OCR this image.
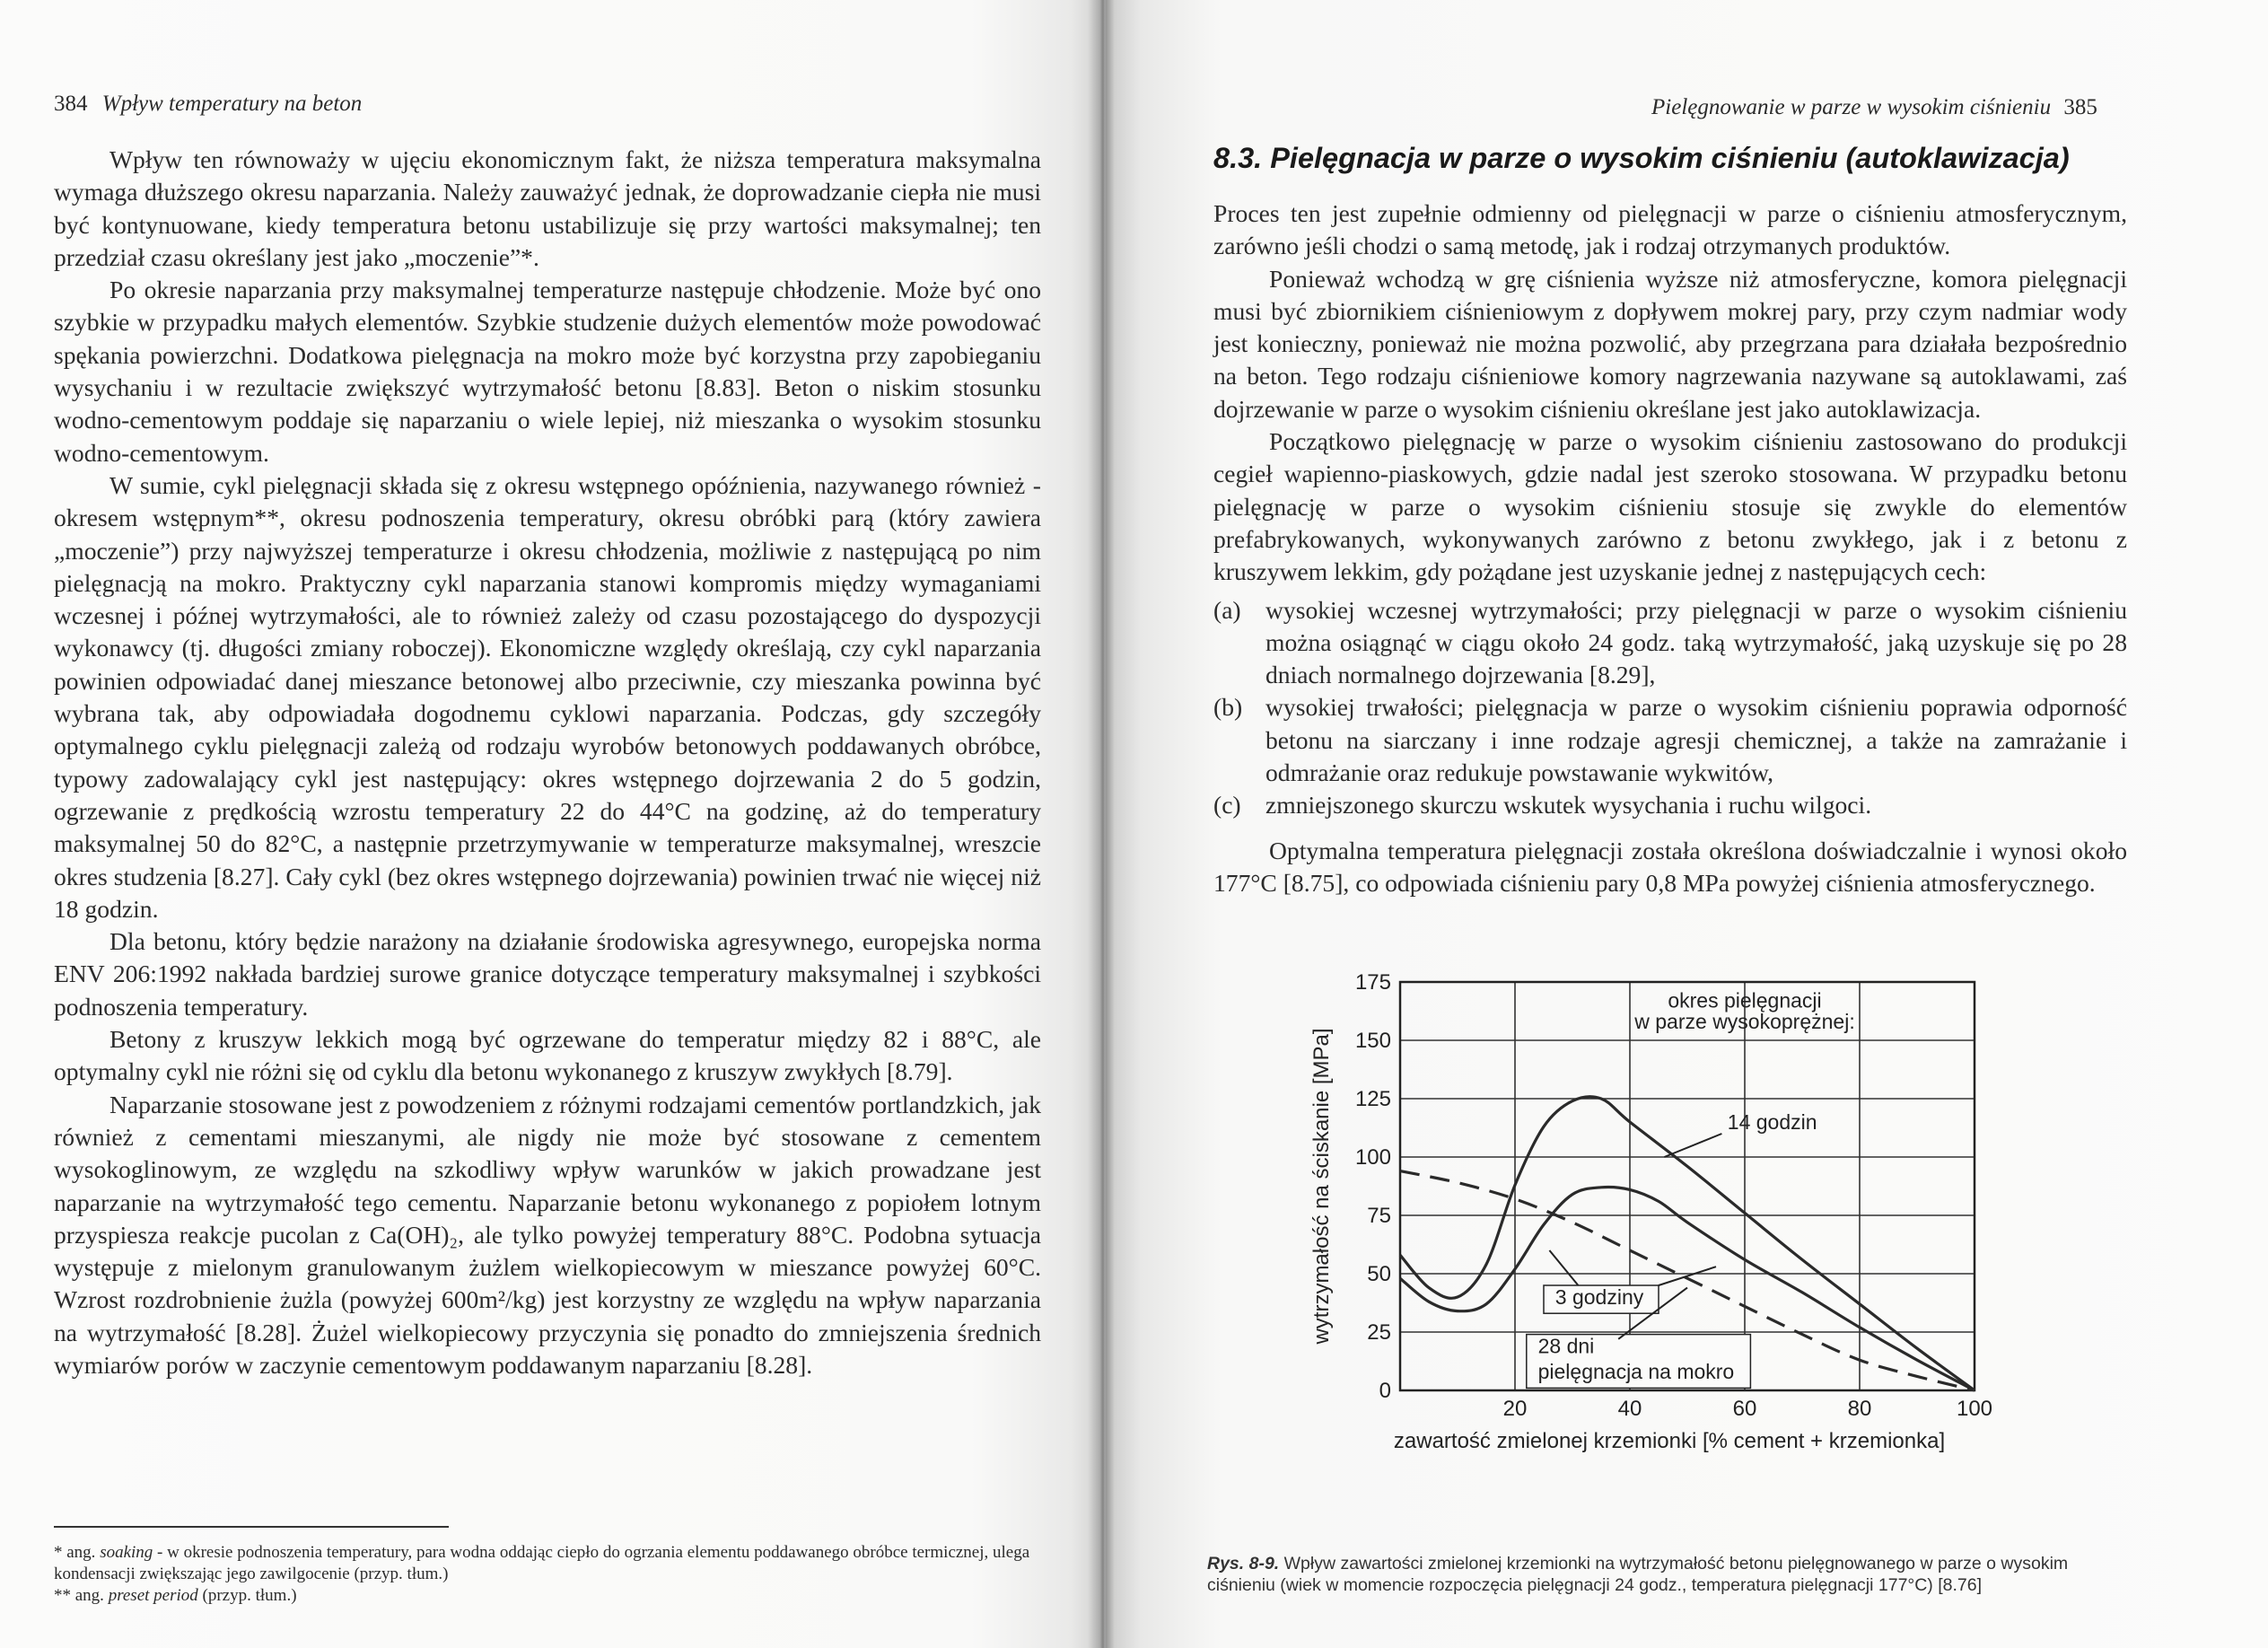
384 Wpływ temperatury na beton

Wpływ ten równoważy w ujęciu ekonomicznym fakt, że niższa temperatura maksymalna wymaga dłuższego okresu naparzania. Należy zauważyć jednak, że doprowadzanie ciepła nie musi być kontynuowane, kiedy temperatura betonu ustabilizuje się przy wartości maksymalnej; ten przedział czasu określany jest jako „moczenie”*.

Po okresie naparzania przy maksymalnej temperaturze następuje chłodzenie. Może być ono szybkie w przypadku małych elementów. Szybkie studzenie dużych elementów może powodować spękania powierzchni. Dodatkowa pielęgnacja na mokro może być korzystna przy zapobieganiu wysychaniu i w rezultacie zwiększyć wytrzymałość betonu [8.83]. Beton o niskim stosunku wodno-cementowym poddaje się naparzaniu o wiele lepiej, niż mieszanka o wysokim stosunku wodno-cementowym.

W sumie, cykl pielęgnacji składa się z okresu wstępnego opóźnienia, nazywanego również - okresem wstępnym**, okresu podnoszenia temperatury, okresu obróbki parą (który zawiera „moczenie”) przy najwyższej temperaturze i okresu chłodzenia, możliwie z następującą po nim pielęgnacją na mokro. Praktyczny cykl naparzania stanowi kompromis między wymaganiami wczesnej i późnej wytrzymałości, ale to również zależy od czasu pozostającego do dyspozycji wykonawcy (tj. długości zmiany roboczej). Ekonomiczne względy określają, czy cykl naparzania powinien odpowiadać danej mieszance betonowej albo przeciwnie, czy mieszanka powinna być wybrana tak, aby odpowiadała dogodnemu cyklowi naparzania. Podczas, gdy szczegóły optymalnego cyklu pielęgnacji zależą od rodzaju wyrobów betonowych poddawanych obróbce, typowy zadowalający cykl jest następujący: okres wstępnego dojrzewania 2 do 5 godzin, ogrzewanie z prędkością wzrostu temperatury 22 do 44°C na godzinę, aż do temperatury maksymalnej 50 do 82°C, a następnie przetrzymywanie w temperaturze maksymalnej, wreszcie okres studzenia [8.27]. Cały cykl (bez okres wstępnego dojrzewania) powinien trwać nie więcej niż 18 godzin.

Dla betonu, który będzie narażony na działanie środowiska agresywnego, europejska norma ENV 206:1992 nakłada bardziej surowe granice dotyczące temperatury maksymalnej i szybkości podnoszenia temperatury.

Betony z kruszyw lekkich mogą być ogrzewane do temperatur między 82 i 88°C, ale optymalny cykl nie różni się od cyklu dla betonu wykonanego z kruszyw zwykłych [8.79].

Naparzanie stosowane jest z powodzeniem z różnymi rodzajami cementów portlandzkich, jak również z cementami mieszanymi, ale nigdy nie może być stosowane z cementem wysokoglinowym, ze względu na szkodliwy wpływ warunków w jakich prowadzane jest naparzanie na wytrzymałość tego cementu. Naparzanie betonu wykonanego z popiołem lotnym przyspiesza reakcje pucolan z Ca(OH)₂, ale tylko powyżej temperatury 88°C. Podobna sytuacja występuje z mielonym granulowanym żużlem wielkopiecowym w mieszance powyżej 60°C. Wzrost rozdrobnienie żużla (powyżej 600m²/kg) jest korzystny ze względu na wpływ naparzania na wytrzymałość [8.28]. Żużel wielkopiecowy przyczynia się ponadto do zmniejszenia średnich wymiarów porów w zaczynie cementowym poddawanym naparzaniu [8.28].

* ang. soaking - w okresie podnoszenia temperatury, para wodna oddając ciepło do ogrzania elementu poddawanego obróbce termicznej, ulega kondensacji zwiększając jego zawilgocenie (przyp. tłum.)

** ang. preset period (przyp. tłum.)

Pielęgnowanie w parze w wysokim ciśnieniu 385
8.3. Pielęgnacja w parze o wysokim ciśnieniu (autoklawizacja)

Proces ten jest zupełnie odmienny od pielęgnacji w parze o ciśnieniu atmosferycznym, zarówno jeśli chodzi o samą metodę, jak i rodzaj otrzymanych produktów.

Ponieważ wchodzą w grę ciśnienia wyższe niż atmosferyczne, komora pielęgnacji musi być zbiornikiem ciśnieniowym z dopływem mokrej pary, przy czym nadmiar wody jest konieczny, ponieważ nie można pozwolić, aby przegrzana para działała bezpośrednio na beton. Tego rodzaju ciśnieniowe komory nagrzewania nazywane są autoklawami, zaś dojrzewanie w parze o wysokim ciśnieniu określane jest jako autoklawizacja.

Początkowo pielęgnację w parze o wysokim ciśnieniu zastosowano do produkcji cegieł wapienno-piaskowych, gdzie nadal jest szeroko stosowana. W przypadku betonu pielęgnację w parze o wysokim ciśnieniu stosuje się zwykle do elementów prefabrykowanych, wykonywanych zarówno z betonu zwykłego, jak i z betonu z kruszywem lekkim, gdy pożądane jest uzyskanie jednej z następujących cech:

(a) wysokiej wczesnej wytrzymałości; przy pielęgnacji w parze o wysokim ciśnieniu można osiągnąć w ciągu około 24 godz. taką wytrzymałość, jaką uzyskuje się po 28 dniach normalnego dojrzewania [8.29],
(b) wysokiej trwałości; pielęgnacja w parze o wysokim ciśnieniu poprawia odporność betonu na siarczany i inne rodzaje agresji chemicznej, a także na zamrażanie i odmrażanie oraz redukuje powstawanie wykwitów,
(c) zmniejszonego skurczu wskutek wysychania i ruchu wilgoci.

Optymalna temperatura pielęgnacji została określona doświadczalnie i wynosi około 177°C [8.75], co odpowiada ciśnieniu pary 0,8 MPa powyżej ciśnienia atmosferycznego.

0
25
50
75
100
125
150
175
20	40	60	80	100
zawartość zmielonej krzemionki [% cement + krzemionka]
wytrzymałość na ściskanie [MPa]
okres pielęgnacji
w parze wysokoprężnej:
14 godzin
3 godziny
28 dni
pielęgnacja na mokro
Rys. 8-9. Wpływ zawartości zmielonej krzemionki na wytrzymałość betonu pielęgnowanego w parze o wysokim ciśnieniu (wiek w momencie rozpoczęcia pielęgnacji 24 godz., temperatura pielęgnacji 177°C) [8.76]
